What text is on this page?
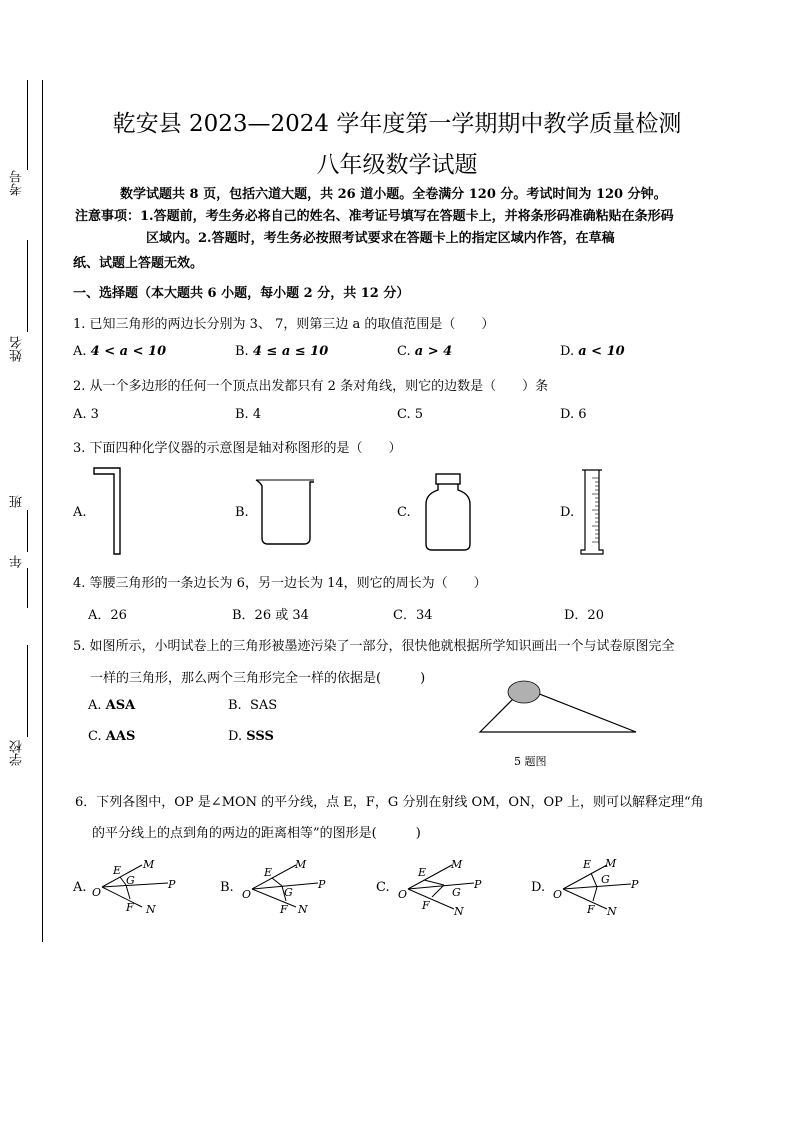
考号
姓名
班
年
学校
乾安县 2023—2024 学年度第一学期期中教学质量检测
八年级数学试题
数学试题共 8 页，包括六道大题，共 26 道小题。全卷满分 120 分。考试时间为 120 分钟。
注意事项：1.答题前，考生务必将自己的姓名、准考证号填写在答题卡上，并将条形码准确粘贴在条形码
区域内。2.答题时，考生务必按照考试要求在答题卡上的指定区域内作答，在草稿
纸、试题上答题无效。
一、选择题（本大题共 6 小题，每小题 2 分，共 12 分）
1. 已知三角形的两边长分别为 3、 7，则第三边 a 的取值范围是（　　）
A. 4 < a < 10	B. 4 ≤ a ≤ 10	C. a > 4	D. a < 10
2. 从一个多边形的任何一个顶点出发都只有 2 条对角线，则它的边数是（　　）条
A. 3	B. 4	C. 5	D. 6
3. 下面四种化学仪器的示意图是轴对称图形的是（　　）
A.	B.	C.	D.
4. 等腰三角形的一条边长为 6，另一边长为 14，则它的周长为（　　）
A．26	B．26 或 34	C．34	D．20
5. 如图所示，小明试卷上的三角形被墨迹污染了一部分，很快他就根据所学知识画出一个与试卷原图完全
一样的三角形，那么两个三角形完全一样的依据是(　　　)
A. ASA	B. SAS
C. AAS	D. SSS
5 题图
6．下列各图中，OP 是∠MON 的平分线，点 E，F，G 分别在射线 OM，ON，OP 上，则可以解释定理“角
的平分线上的点到角的两边的距离相等”的图形是(　　　)
A.	B.	C.	D.
O
E M
G	P
F N
O
E
M
G
P
F N
O
E
M
G
P
F N
O
E M
G P
F N
